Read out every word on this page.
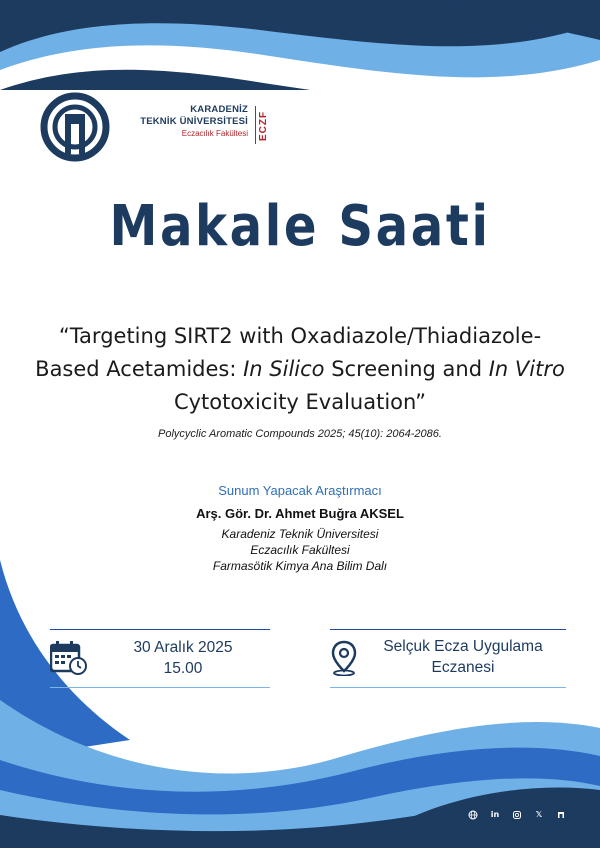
KARADENİZ
TEKNİK ÜNİVERSİTESİ
Eczacılık Fakültesi ECZF
Makale Saati
“Targeting SIRT2 with Oxadiazole/Thiadiazole-Based Acetamides: In Silico Screening and In Vitro Cytotoxicity Evaluation”
Polycyclic Aromatic Compounds 2025; 45(10): 2064-2086.
Sunum Yapacak Araştırmacı
Arş. Gör. Dr. Ahmet Buğra AKSEL
Karadeniz Teknik Üniversitesi
Eczacılık Fakültesi
Farmasötik Kimya Ana Bilim Dalı
30 Aralık 2025
15.00
Selçuk Ecza Uygulama
Eczanesi
in	𝕏
